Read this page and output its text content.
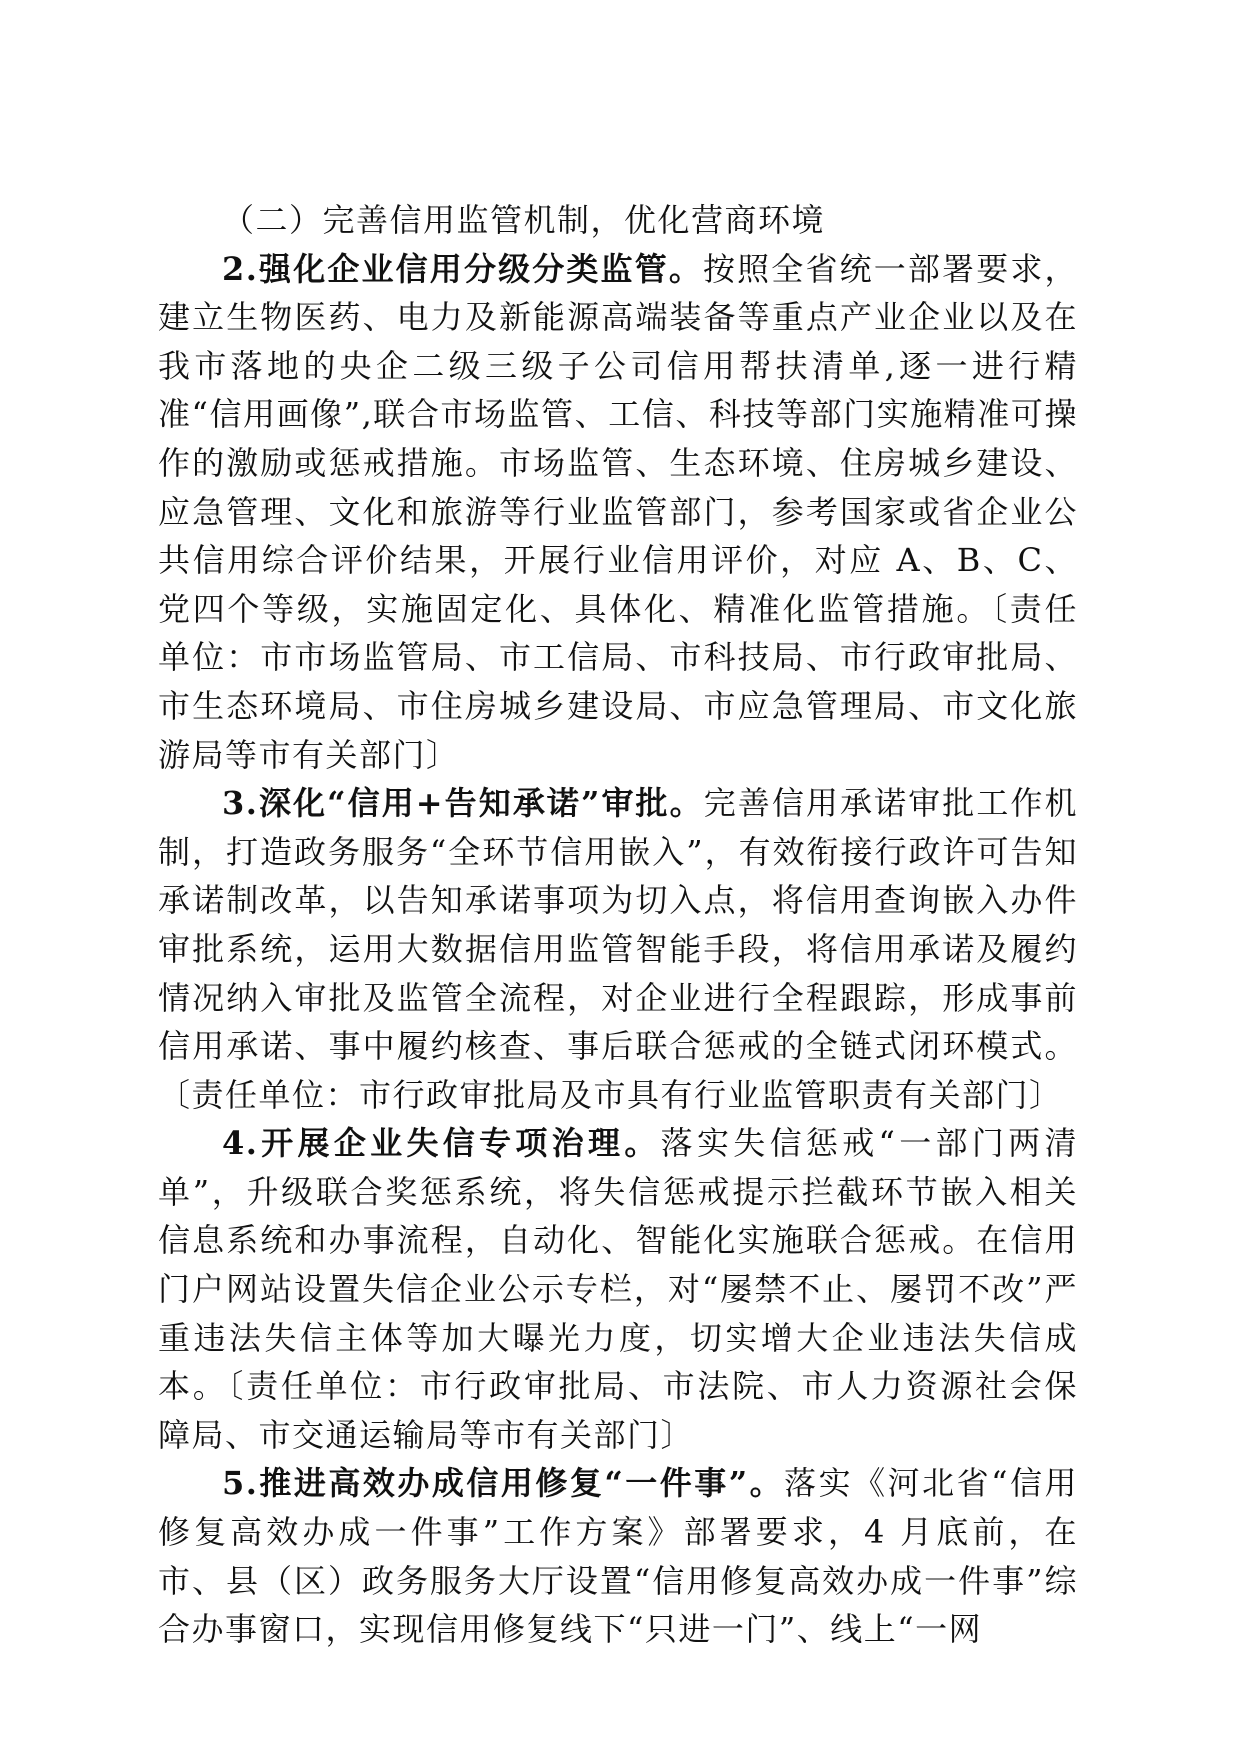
（二）完善信用监管机制，优化营商环境

2.强化企业信用分级分类监管。按照全省统一部署要求，建立生物医药、电力及新能源高端装备等重点产业企业以及在我市落地的央企二级三级子公司信用帮扶清单,逐一进行精准“信用画像”,联合市场监管、工信、科技等部门实施精准可操作的激励或惩戒措施。市场监管、生态环境、住房城乡建设、应急管理、文化和旅游等行业监管部门，参考国家或省企业公共信用综合评价结果，开展行业信用评价，对应 A、B、C、党四个等级，实施固定化、具体化、精准化监管措施。〔责任单位：市市场监管局、市工信局、市科技局、市行政审批局、市生态环境局、市住房城乡建设局、市应急管理局、市文化旅游局等市有关部门〕

3.深化“信用+告知承诺”审批。完善信用承诺审批工作机制，打造政务服务“全环节信用嵌入”，有效衔接行政许可告知承诺制改革，以告知承诺事项为切入点，将信用查询嵌入办件审批系统，运用大数据信用监管智能手段，将信用承诺及履约情况纳入审批及监管全流程，对企业进行全程跟踪，形成事前信用承诺、事中履约核查、事后联合惩戒的全链式闭环模式。〔责任单位：市行政审批局及市具有行业监管职责有关部门〕

4.开展企业失信专项治理。落实失信惩戒“一部门两清单”，升级联合奖惩系统，将失信惩戒提示拦截环节嵌入相关信息系统和办事流程，自动化、智能化实施联合惩戒。在信用门户网站设置失信企业公示专栏，对“屡禁不止、屡罚不改”严重违法失信主体等加大曝光力度，切实增大企业违法失信成本。〔责任单位：市行政审批局、市法院、市人力资源社会保障局、市交通运输局等市有关部门〕

5.推进高效办成信用修复“一件事”。落实《河北省“信用修复高效办成一件事”工作方案》部署要求，4 月底前，在市、县（区）政务服务大厅设置“信用修复高效办成一件事”综合办事窗口，实现信用修复线下“只进一门”、线上“一网
